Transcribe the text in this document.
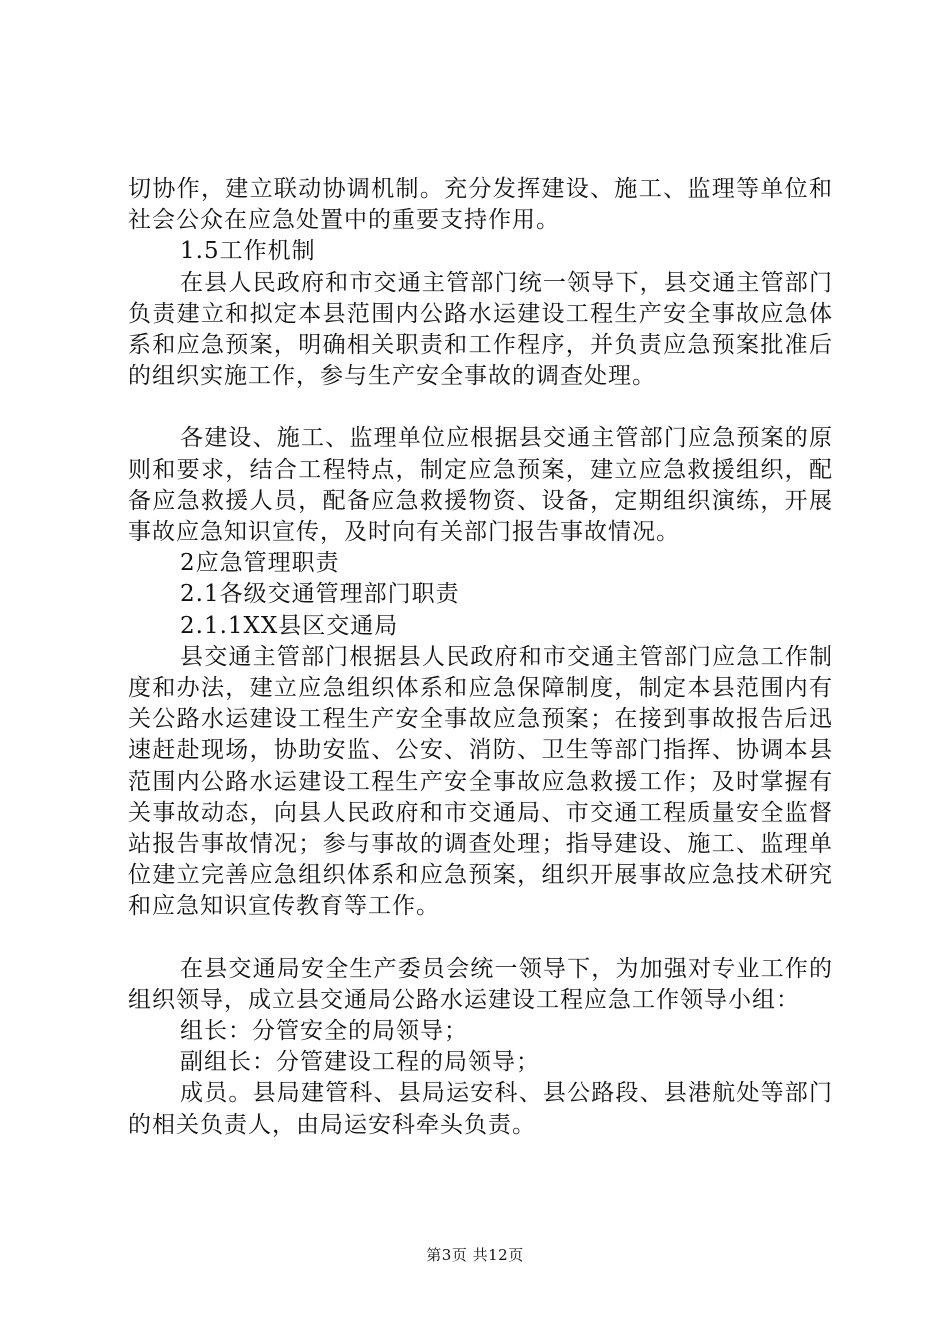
切协作，建立联动协调机制。充分发挥建设、施工、监理等单位和社会公众在应急处置中的重要支持作用。

1.5工作机制

在县人民政府和市交通主管部门统一领导下，县交通主管部门负责建立和拟定本县范围内公路水运建设工程生产安全事故应急体系和应急预案，明确相关职责和工作程序，并负责应急预案批准后的组织实施工作，参与生产安全事故的调查处理。

各建设、施工、监理单位应根据县交通主管部门应急预案的原则和要求，结合工程特点，制定应急预案，建立应急救援组织，配备应急救援人员，配备应急救援物资、设备，定期组织演练，开展事故应急知识宣传，及时向有关部门报告事故情况。

2应急管理职责

2.1各级交通管理部门职责

2.1.1XX县区交通局

县交通主管部门根据县人民政府和市交通主管部门应急工作制度和办法，建立应急组织体系和应急保障制度，制定本县范围内有关公路水运建设工程生产安全事故应急预案；在接到事故报告后迅速赶赴现场，协助安监、公安、消防、卫生等部门指挥、协调本县范围内公路水运建设工程生产安全事故应急救援工作；及时掌握有关事故动态，向县人民政府和市交通局、市交通工程质量安全监督站报告事故情况；参与事故的调查处理；指导建设、施工、监理单位建立完善应急组织体系和应急预案，组织开展事故应急技术研究和应急知识宣传教育等工作。

在县交通局安全生产委员会统一领导下，为加强对专业工作的组织领导，成立县交通局公路水运建设工程应急工作领导小组：

组长：分管安全的局领导；

副组长：分管建设工程的局领导；

成员。县局建管科、县局运安科、县公路段、县港航处等部门的相关负责人，由局运安科牵头负责。

第3页 共12页
